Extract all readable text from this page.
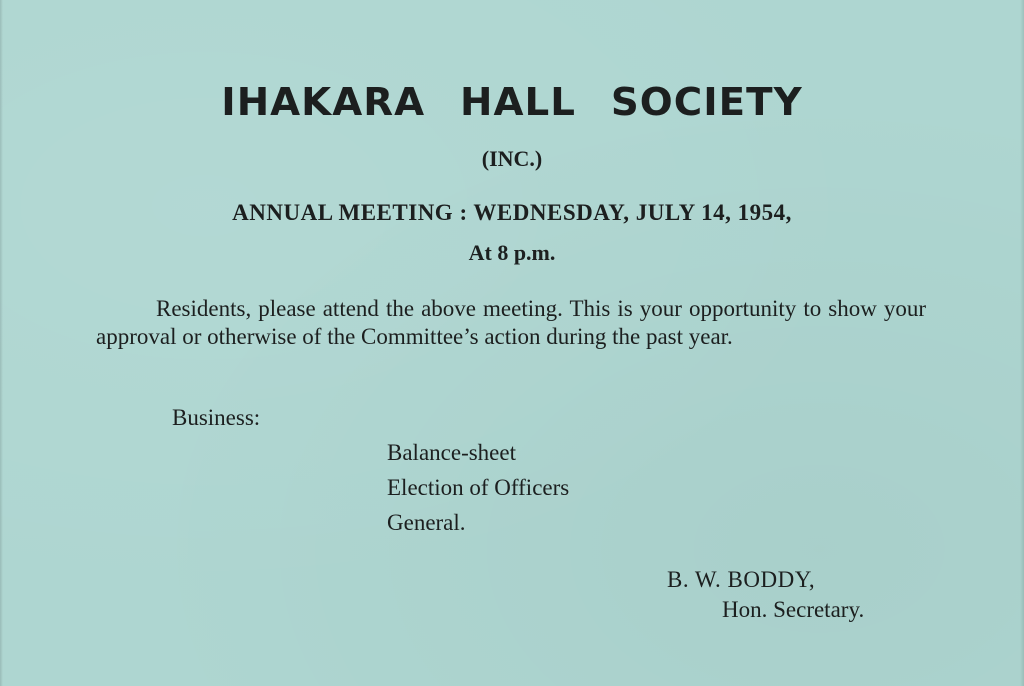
IHAKARA HALL SOCIETY
(INC.)
ANNUAL MEETING : WEDNESDAY, JULY 14, 1954,
At 8 p.m.
Residents, please attend the above meeting. This is your opportunity to show your approval or otherwise of the Committee’s action during the past year.
Business:
Balance-sheet
Election of Officers
General.
B. W. BODDY,
Hon. Secretary.
